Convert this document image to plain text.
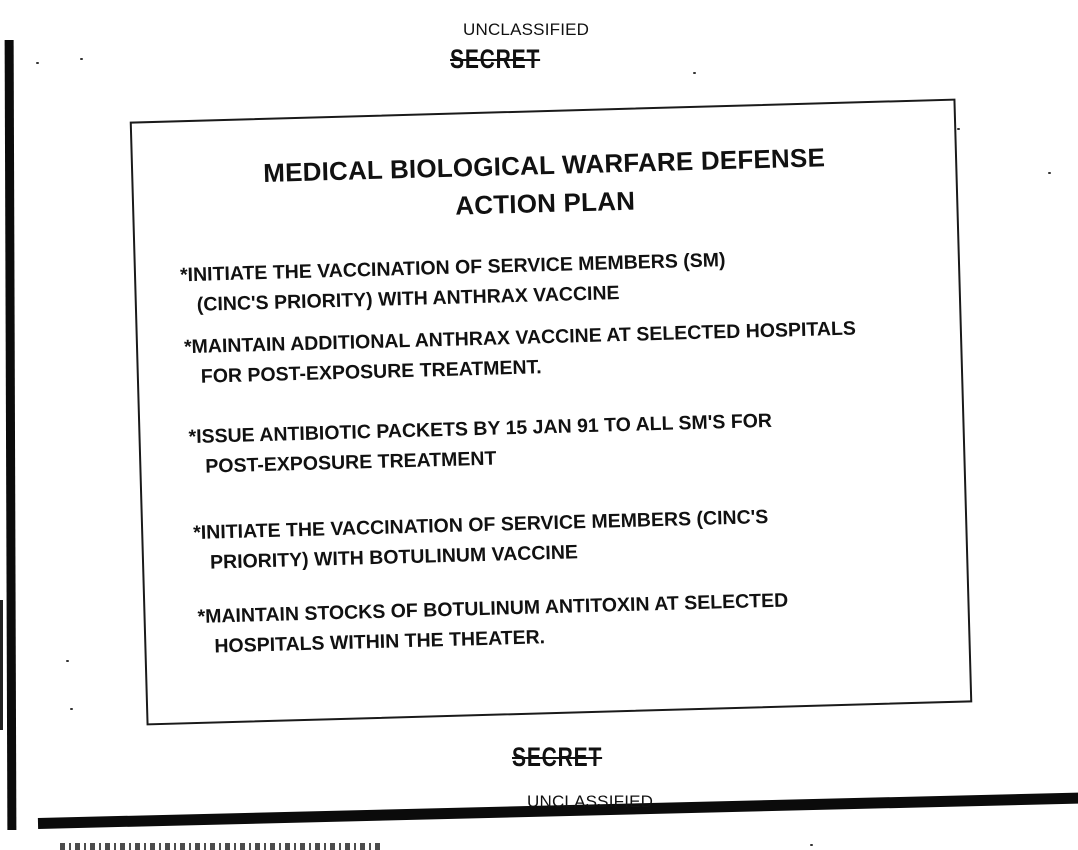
UNCLASSIFIED
SECRET
MEDICAL BIOLOGICAL WARFARE DEFENSE
ACTION PLAN
*INITIATE THE VACCINATION OF SERVICE MEMBERS (SM)
(CINC'S PRIORITY) WITH ANTHRAX VACCINE
*MAINTAIN ADDITIONAL ANTHRAX VACCINE AT SELECTED HOSPITALS
FOR POST-EXPOSURE TREATMENT.
*ISSUE ANTIBIOTIC PACKETS BY 15 JAN 91 TO ALL SM'S FOR
POST-EXPOSURE TREATMENT
*INITIATE THE VACCINATION OF SERVICE MEMBERS (CINC'S
PRIORITY) WITH BOTULINUM VACCINE
*MAINTAIN STOCKS OF BOTULINUM ANTITOXIN AT SELECTED
HOSPITALS WITHIN THE THEATER.
SECRET
UNCLASSIFIED
